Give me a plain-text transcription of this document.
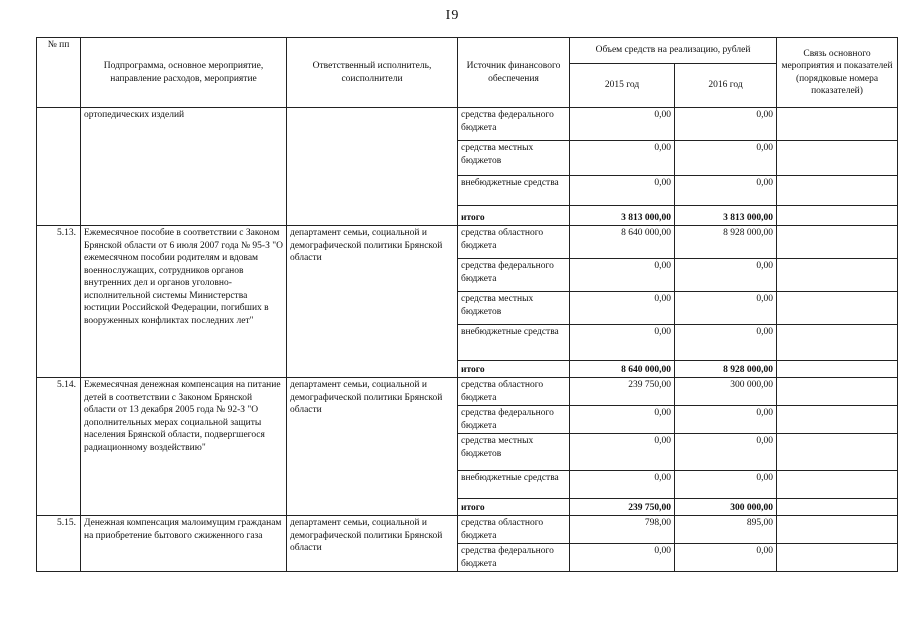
I9
№ пп	Подпрограмма, основное мероприятие, направление расходов, мероприятие	Ответственный исполнитель, соисполнители	Источник финансового обеспечения	Объем средств на реализацию, рублей		Связь основного мероприятия и показателей (порядковые номера показателей)
				2015 год	2016 год	
	ортопедических изделий		средства федерального бюджета	0,00	0,00	
			средства местных бюджетов	0,00	0,00	
			внебюджетные средства	0,00	0,00	
			итого	3 813 000,00	3 813 000,00	
5.13.	Ежемесячное пособие в соответствии с Законом Брянской области от 6 июля 2007 года № 95-З "О ежемесячном пособии родителям и вдовам военнослужащих, сотрудников органов внутренних дел и органов уголовно-исполнительной системы Министерства юстиции Российской Федерации, погибших в вооруженных конфликтах последних лет"	департамент семьи, социальной и демографической политики Брянской области	средства областного бюджета	8 640 000,00	8 928 000,00	
			средства федерального бюджета	0,00	0,00	
			средства местных бюджетов	0,00	0,00	
			внебюджетные средства	0,00	0,00	
			итого	8 640 000,00	8 928 000,00	
5.14.	Ежемесячная денежная компенсация на питание детей в соответствии с Законом Брянской области от 13 декабря 2005 года № 92-З "О дополнительных мерах социальной защиты населения Брянской области, подвергшегося радиационному воздействию"	департамент семьи, социальной и демографической политики Брянской области	средства областного бюджета	239 750,00	300 000,00	
			средства федерального бюджета	0,00	0,00	
			средства местных бюджетов	0,00	0,00	
			внебюджетные средства	0,00	0,00	
			итого	239 750,00	300 000,00	
5.15.	Денежная компенсация малоимущим гражданам на приобретение бытового сжиженного газа	департамент семьи, социальной и демографической политики Брянской области	средства областного бюджета	798,00	895,00	
			средства федерального бюджета	0,00	0,00	
